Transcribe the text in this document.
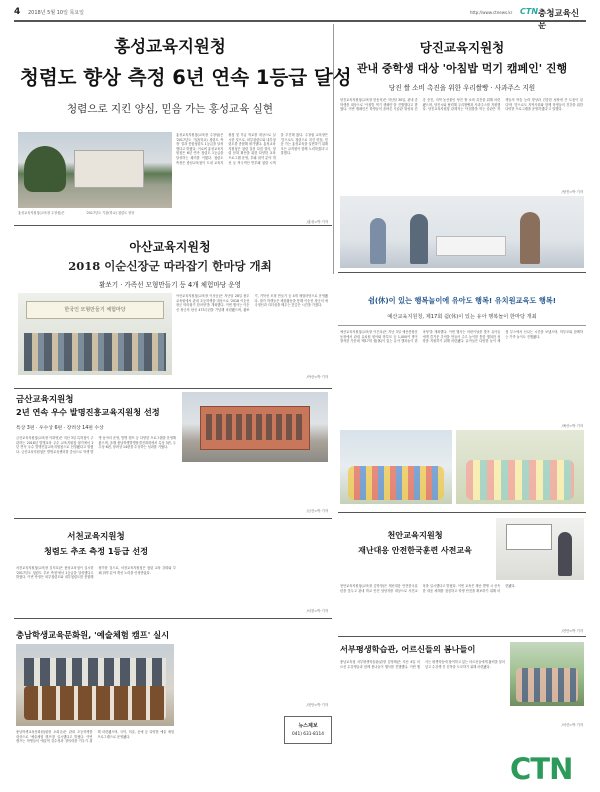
4 2018년 5월 10일 목요일	http://www.ctnews.kr CTN 충청교육신문
홍성교육지원청
청렴도 향상 측정 6년 연속 1등급 달성
청렴으로 지킨 양심, 믿음 가는 홍성교육 실현
홍성교육지원청(교육장 주창섭)은	'2017년도 기관(학교) 청렴도 향상
홍성교육지원청(교육장 주창섭)은 '2017년도 기관(학교) 청렴도 측정' 결과 종합청렴도 1등급을 달성했다고 밝혔다. 이로써 홍성교육지원청은 6년 연속 청렴도 1등급을 달성하는 쾌거를 이뤘다. 청렴도 측정은 충남교육청이 도내 교육지원청 및 각급 학교를 대상으로 실시한 것으로, 외부청렴도와 내부청렴도를 종합해 평가했다. 홍성교육지원청은 청렴 실천 다짐 결의, 청렴 문화 확산을 위한 다양한 교육 프로그램 운영, 부패 취약 분야 개선 등 적극적인 반부패 청렴 시책을 추진해 왔다. 주창섭 교육장은 '앞으로도 청렴으로 지킨 양심, 믿음 가는 홍성교육을 실현하기 위해 모든 교직원이 함께 노력하겠다'고 말했다.
/홍성=박 기자
당진교육지원청
관내 중학생 대상 '아침밥 먹기 캠페인' 진행
당진 쌀 소비 촉진을 위한 우리쌀빵 · 사과주스 지원
당진교육지원청(교육장 한동석)은 지난달 30일, 관내 중학생을 대상으로 '아침밥 먹기 캠페인'을 진행했다고 밝혔다. 이번 캠페인은 학생들의 올바른 식습관 형성과 건강 증진, 지역 농산물인 당진 쌀 소비 촉진을 위해 마련됐으며, 당진시와 협력해 우리쌀빵과 사과주스를 지원했다. 당진교육지원청 관계자는 '아침밥을 먹는 습관은 학생들의 학습 능력 향상과 건강한 성장에 큰 도움이 된다'며 '앞으로도 지역사회와 함께 학생들의 건강을 위한 다양한 프로그램을 운영하겠다'고 말했다.
/당진=박 기자
아산교육지원청
2018 이순신장군 따라잡기 한마당 개최
활쏘기 · 가족선 모형만들기 등 4개 체험마당 운영
한국인 모형만들기 체험마당
아산교육지원청(교육장 이상공)은 지난달 28일 충무교육원에서 관내 초등학생을 대상으로 '2018 이순신장군 따라잡기 한마당'을 개최했다. 이번 행사는 이순신 장군의 탄신 473주년을 기념해 마련됐으며, 활쏘기, 거북선 모형 만들기 등 4개 체험마당으로 운영됐다. 참가 학생들은 체험활동을 통해 이순신 장군의 애국정신과 리더십을 배우는 뜻깊은 시간을 가졌다.
/아산=박 기자
쉼(休)이 있는 행복놀이에 유아도 행복! 유치원교육도 행복!
예산교육지원청, 제17회 쉼(休)이 있는 유아 행복놀이 한마당 개최
예산교육지원청(교육장 이은옥)은 지난 3일 예산종합운동장에서 관내 유치원 원아와 학부모 등 1,000여 명이 참석한 가운데 '제17회 쉼(休)이 있는 유아 행복놀이 한마당'을 개최했다. 이번 행사는 어린이날을 맞아 유아들에게 즐거운 추억을 만들어 주고 놀이를 통한 행복한 성장을 지원하기 위해 마련됐다. 유아들은 다양한 놀이 체험 부스에서 신나는 시간을 보냈으며, 학부모와 함께하는 가족 놀이도 진행됐다.
/예산=박 기자
금산교육지원청
2년 연속 우수 발명진흥교육지원청 선정
특상 3편 · 우수상 6편 · 장려상 14편 수상
금산교육지원청(교육장 이화영)은 지난 3일 특허청이 주관하는 2018년 발명교육 우수 교육지원청 평가에서 2년 연속 우수 발명진흥교육지원청으로 선정됐다고 밝혔다. 금산교육지원청은 발명교육센터를 중심으로 학생 발명 동아리 운영, 발명 캠프 등 다양한 프로그램을 운영해 왔으며, 올해 충남학생발명품경진대회에서 특상 3편, 우수상 6편, 장려상 14편을 수상하는 성과를 거뒀다.
/금산=박 기자
서천교육지원청
청렴도 추조 측정 1등급 선정
서천교육지원청(교육장 김지호)은 충남교육청이 실시한 '2017년도 청렴도 추조 측정'에서 1등급을 달성했다고 밝혔다. 이번 측정은 외부청렴도와 내부청렴도를 종합해 평가한 것으로, 서천교육지원청은 청렴 교육 강화와 부패 취약 분야 개선 노력을 인정받았다.
/서천=박 기자
천안교육지원청
재난대응 안전한국훈련 사전교육
천안교육지원청(교육장 김학영)은 재난대응 안전한국훈련을 앞두고 관내 학교 안전 담당자를 대상으로 사전교육을 실시했다고 밝혔다. 이번 교육은 재난 발생 시 신속한 대응 체계를 점검하고 학생 안전을 확보하기 위해 마련됐다.
/천안=박 기자
충남학생교육문화원, '예술체험 캠프' 실시
충남학생교육문화원(원장 오희규)은 관내 초등학생을 대상으로 '예술체험 캠프'를 실시했다고 밝혔다. 이번 캠프는 학생들의 예술적 감수성과 창의력을 키우기 위해 마련됐으며, 국악, 미술, 공예 등 다양한 예술 체험 프로그램으로 운영됐다.
/천안=박 기자
뉴스제보
041) 631-8114
서부평생학습관, 어르신들의 봄나들이
충남교육청 서부평생학습관(관장 김영태)은 지난 4일 어르신 수강생들과 함께 봄나들이 행사를 진행했다. 이번 행사는 평생학습에 참여하고 있는 어르신들에게 활력을 불어넣고 수강생 간 친목을 도모하기 위해 마련됐다.
/서산=박 기자
CTN
